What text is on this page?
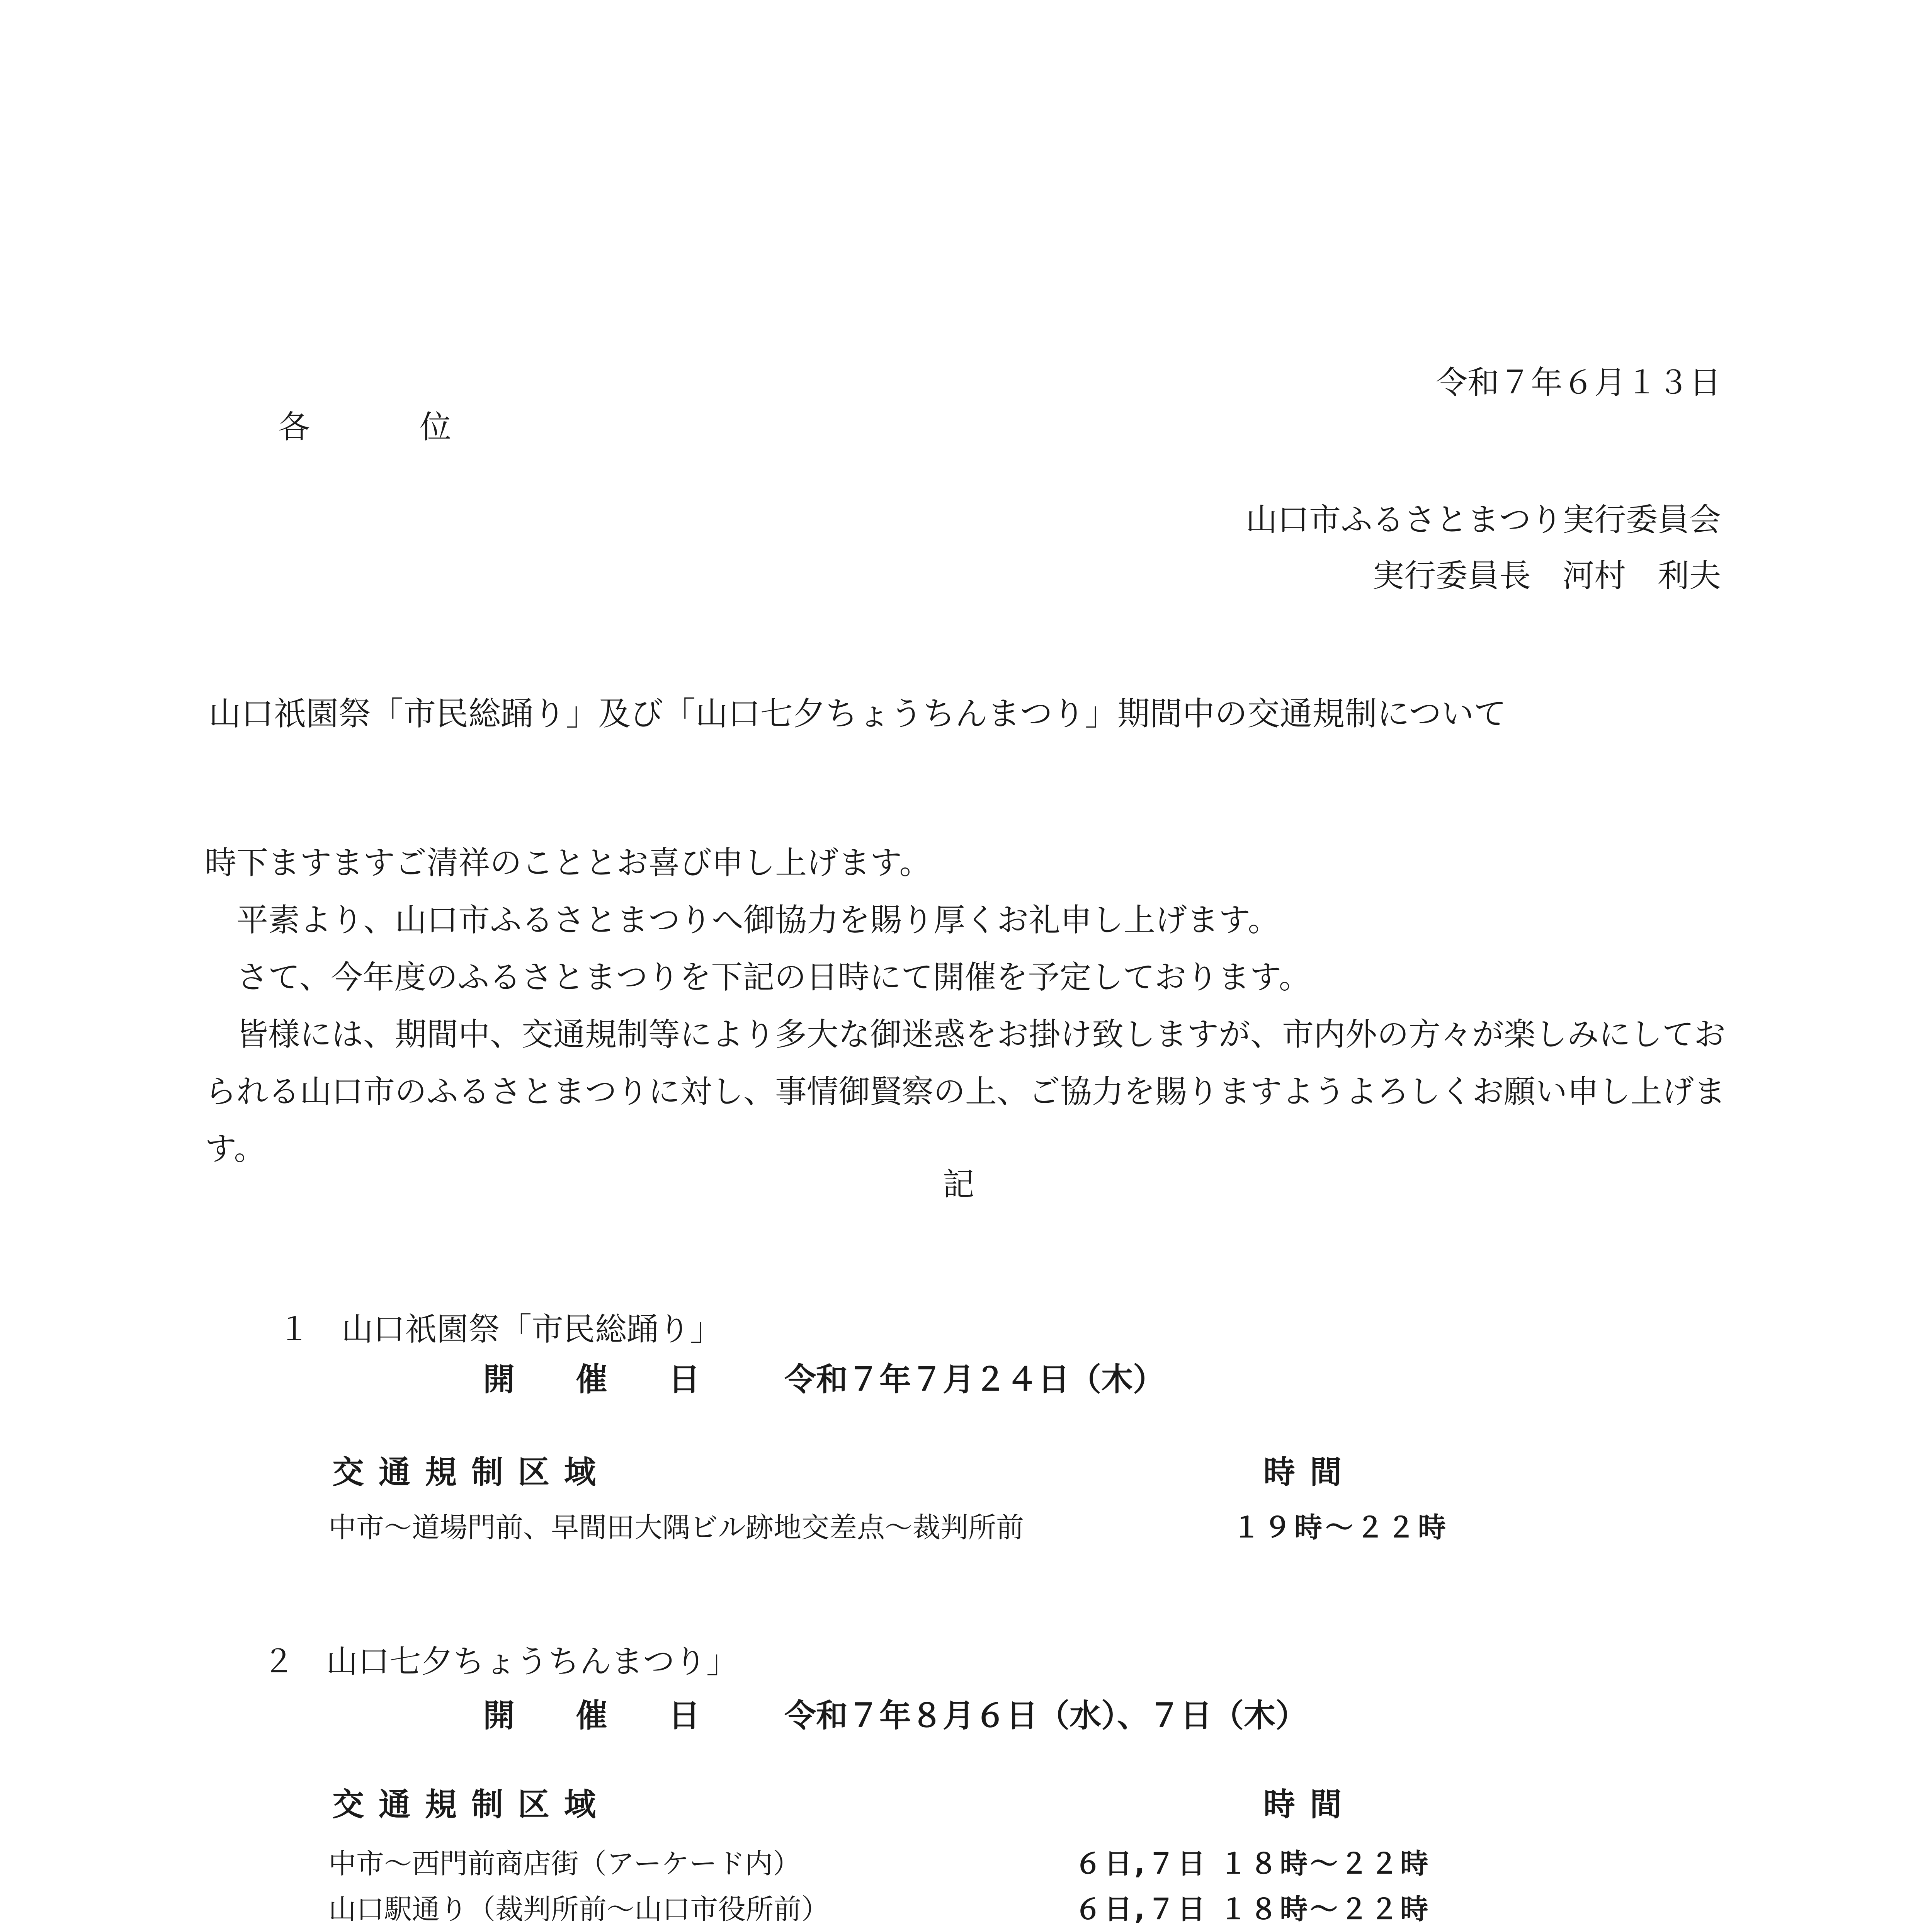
令和７年６月１３日
各　　位
山口市ふるさとまつり実行委員会
実行委員長　河村　利夫
山口祇園祭「市民総踊り」及び「山口七夕ちょうちんまつり」期間中の交通規制について

時下ますますご清祥のこととお喜び申し上げます。

平素より、山口市ふるさとまつりへ御協力を賜り厚くお礼申し上げます。

さて、今年度のふるさとまつりを下記の日時にて開催を予定しております。

皆様には、期間中、交通規制等により多大な御迷惑をお掛け致しますが、市内外の方々が楽しみにしておられる山口市のふるさとまつりに対し、事情御賢察の上、ご協力を賜りますようよろしくお願い申し上げます。

記
１　山口祇園祭「市民総踊り」
開　催　日 令和７年７月２４日（木）
交通規制区域	時間
中市～道場門前、早間田大隅ビル跡地交差点～裁判所前	１９時～２２時
２　山口七夕ちょうちんまつり」
開　催　日 令和７年８月６日（水）、７日（木）
交通規制区域	時間
中市～西門前商店街（アーケード内）	６日,７日 １８時～２２時
山口駅通り（裁判所前～山口市役所前）	６日,７日 １８時～２２時
